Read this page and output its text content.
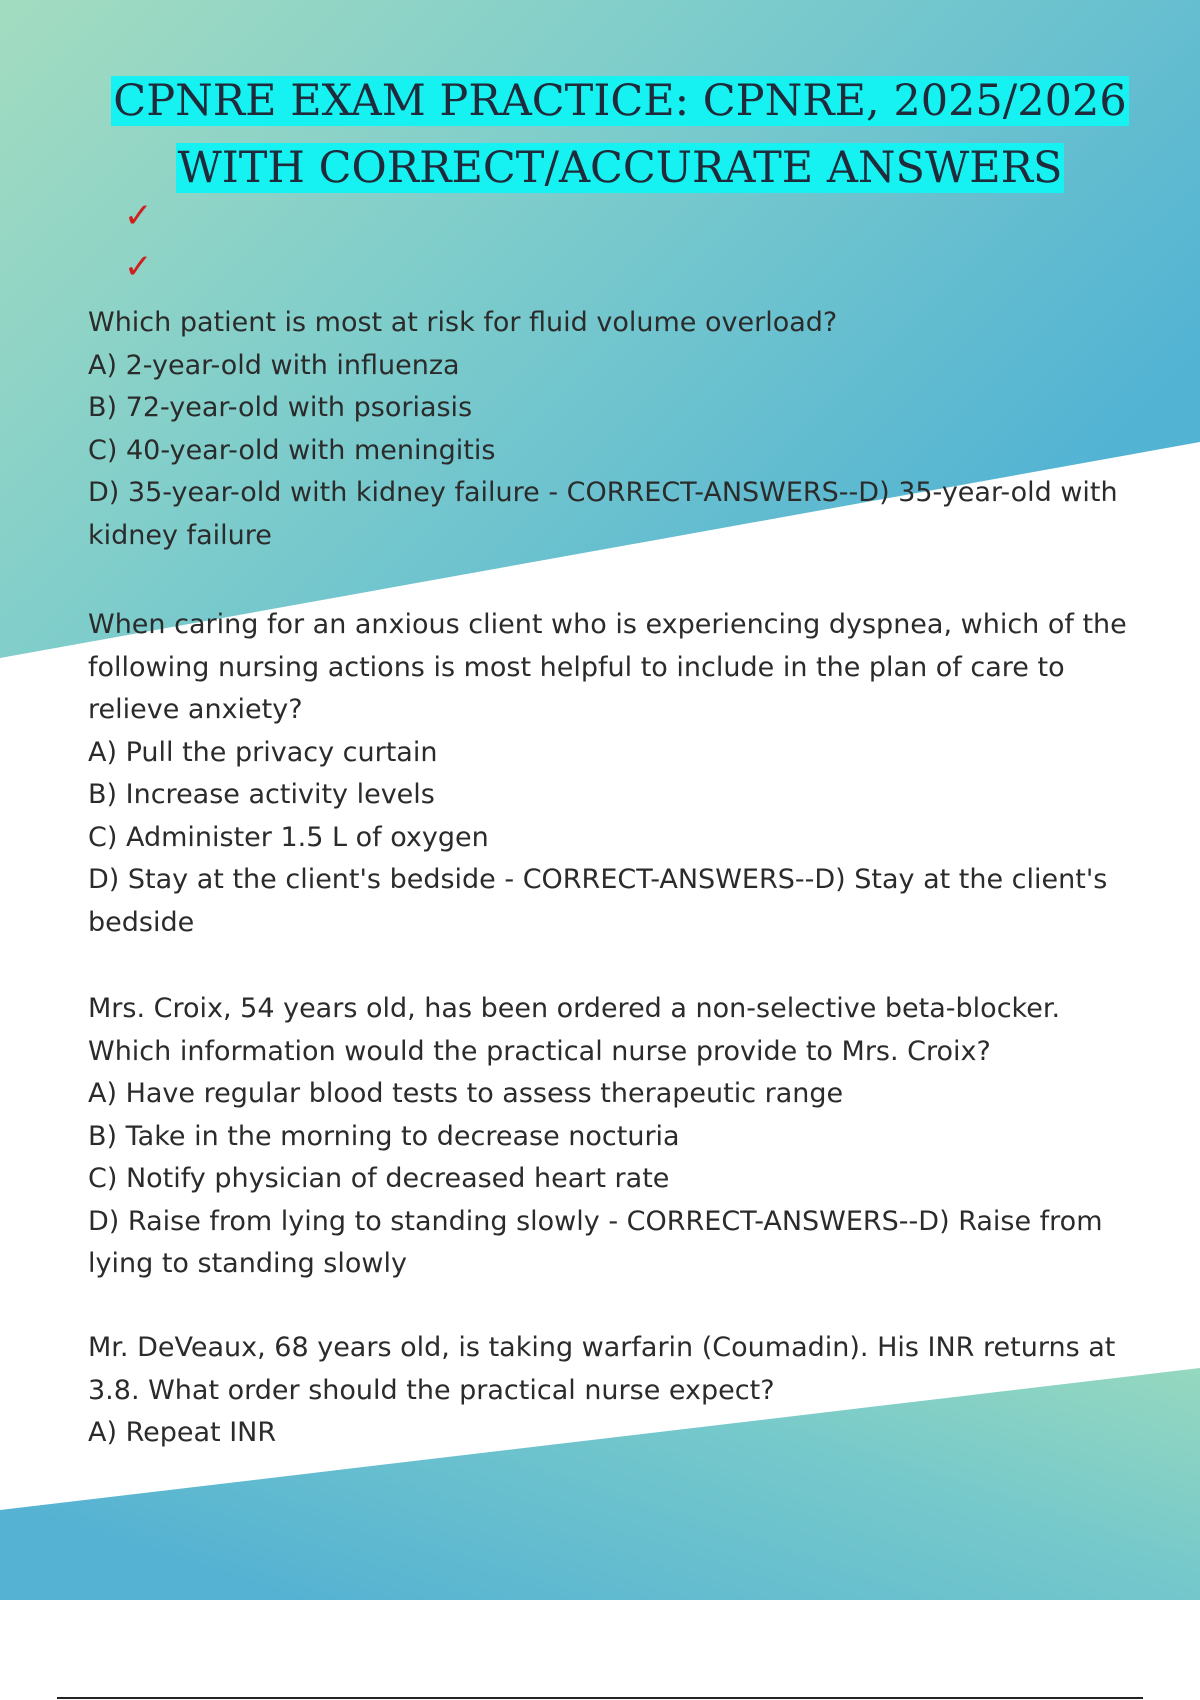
CPNRE EXAM PRACTICE: CPNRE, 2025/2026
WITH CORRECT/ACCURATE ANSWERS
✓
✓

Which patient is most at risk for fluid volume overload?

A) 2-year-old with influenza

B) 72-year-old with psoriasis

C) 40-year-old with meningitis

D) 35-year-old with kidney failure - CORRECT-ANSWERS--D) 35-year-old with kidney failure

When caring for an anxious client who is experiencing dyspnea, which of the following nursing actions is most helpful to include in the plan of care to relieve anxiety?

A) Pull the privacy curtain

B) Increase activity levels

C) Administer 1.5 L of oxygen

D) Stay at the client's bedside - CORRECT-ANSWERS--D) Stay at the client's bedside

Mrs. Croix, 54 years old, has been ordered a non-selective beta-blocker. Which information would the practical nurse provide to Mrs. Croix?

A) Have regular blood tests to assess therapeutic range

B) Take in the morning to decrease nocturia

C) Notify physician of decreased heart rate

D) Raise from lying to standing slowly - CORRECT-ANSWERS--D) Raise from lying to standing slowly

Mr. DeVeaux, 68 years old, is taking warfarin (Coumadin). His INR returns at 3.8. What order should the practical nurse expect?

A) Repeat INR
